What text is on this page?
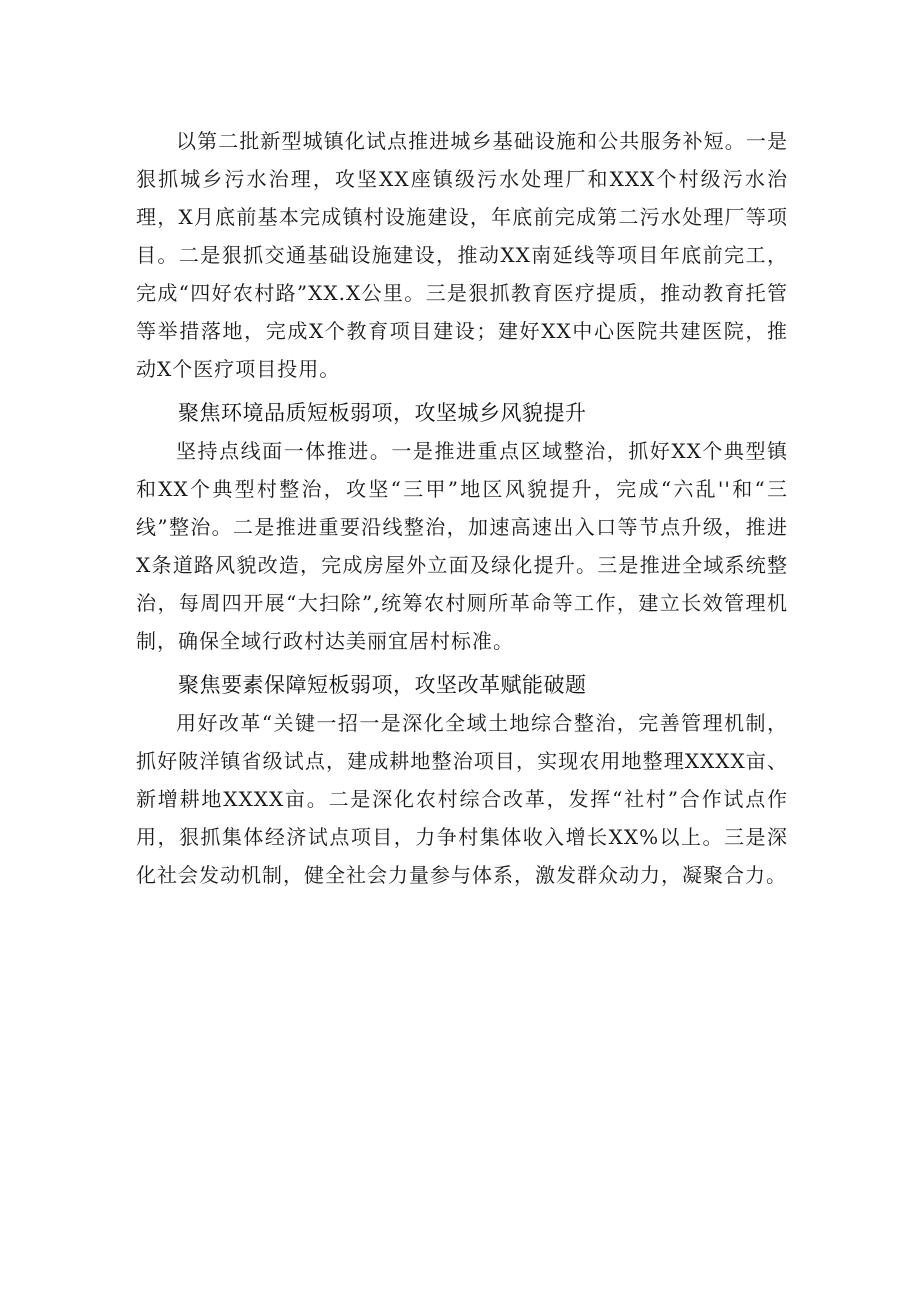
以第二批新型城镇化试点推进城乡基础设施和公共服务补短。一是狠抓城乡污水治理，攻坚XX座镇级污水处理厂和XXX个村级污水治理，X月底前基本完成镇村设施建设，年底前完成第二污水处理厂等项目。二是狠抓交通基础设施建设，推动XX南延线等项目年底前完工，完成“四好农村路”XX.X公里。三是狠抓教育医疗提质，推动教育托管等举措落地，完成X个教育项目建设；建好XX中心医院共建医院，推动X个医疗项目投用。

聚焦环境品质短板弱项，攻坚城乡风貌提升

坚持点线面一体推进。一是推进重点区域整治，抓好XX个典型镇和XX个典型村整治，攻坚“三甲”地区风貌提升，完成“六乱''和“三线”整治。二是推进重要沿线整治，加速高速出入口等节点升级，推进X条道路风貌改造，完成房屋外立面及绿化提升。三是推进全域系统整治，每周四开展“大扫除”,统筹农村厕所革命等工作，建立长效管理机制，确保全域行政村达美丽宜居村标准。

聚焦要素保障短板弱项，攻坚改革赋能破题

用好改革“关键一招一是深化全域土地综合整治，完善管理机制，抓好陂洋镇省级试点，建成耕地整治项目，实现农用地整理XXXX亩、新增耕地XXXX亩。二是深化农村综合改革，发挥“社村”合作试点作用，狠抓集体经济试点项目，力争村集体收入增长XX%以上。三是深化社会发动机制，健全社会力量参与体系，激发群众动力，凝聚合力。
